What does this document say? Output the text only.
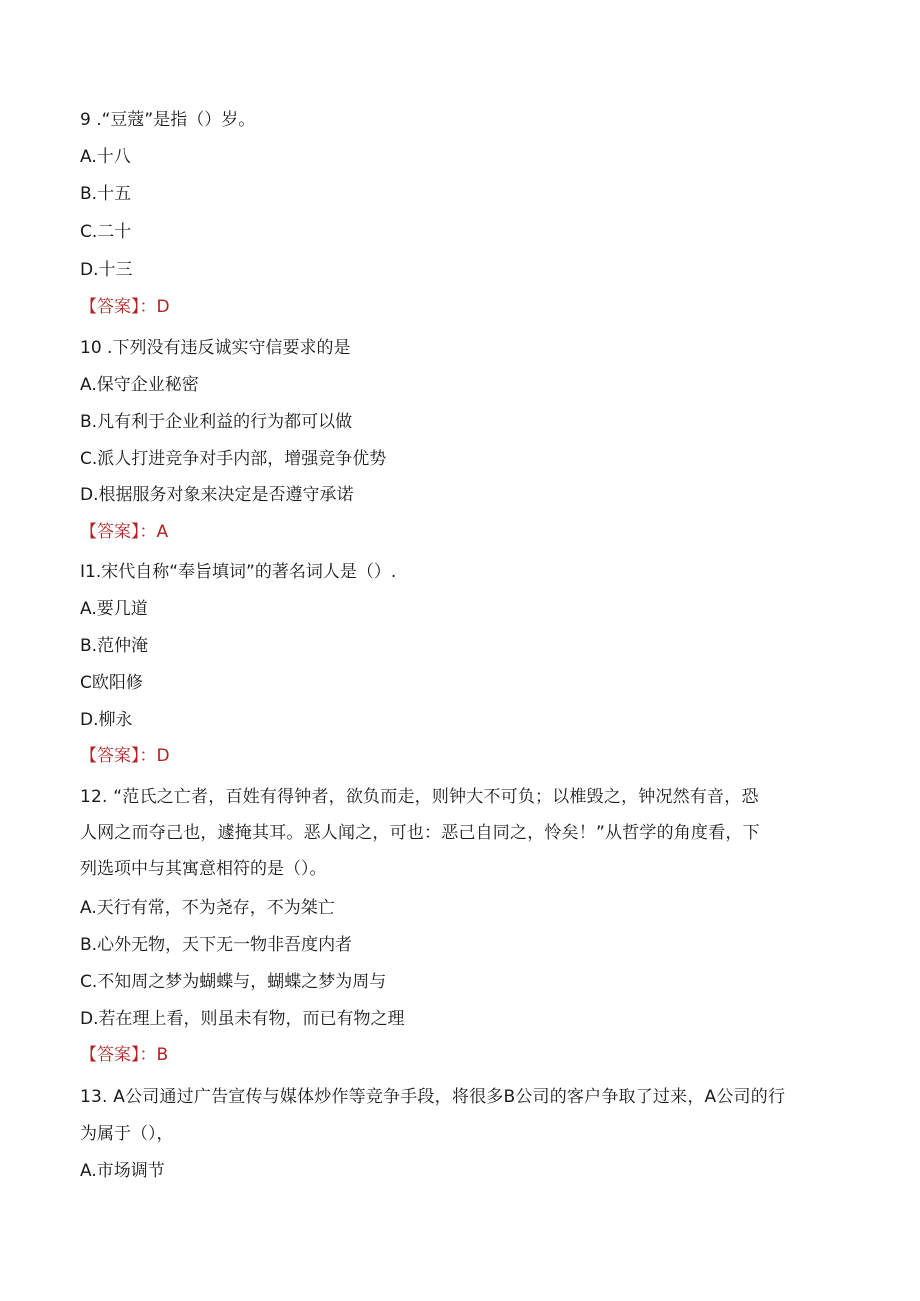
9 .“豆蔻”是指（）岁。
A.十八
B.十五
C.二十
D.十三
【答案】：D
10 .下列没有违反诚实守信要求的是
A.保守企业秘密
B.凡有利于企业利益的行为都可以做
C.派人打进竞争对手内部，增强竞争优势
D.根据服务对象来决定是否遵守承诺
【答案】：A
I1.宋代自称“奉旨填词”的著名词人是（）.
A.要几道
B.范仲淹
C欧阳修
D.柳永
【答案】：D
12. “范氏之亡者，百姓有得钟者，欲负而走，则钟大不可负；以椎毁之，钟况然有音，恐
人网之而夺己也，遽掩其耳。恶人闻之，可也：恶己自同之，怜矣！”从哲学的角度看，下
列选项中与其寓意相符的是（）。
A.天行有常，不为尧存，不为桀亡
B.心外无物，天下无一物非吾度内者
C.不知周之梦为蝴蝶与，蝴蝶之梦为周与
D.若在理上看，则虽未有物，而已有物之理
【答案】：B
13. A公司通过广告宣传与媒体炒作等竞争手段，将很多B公司的客户争取了过来，A公司的行
为属于（），
A.市场调节
